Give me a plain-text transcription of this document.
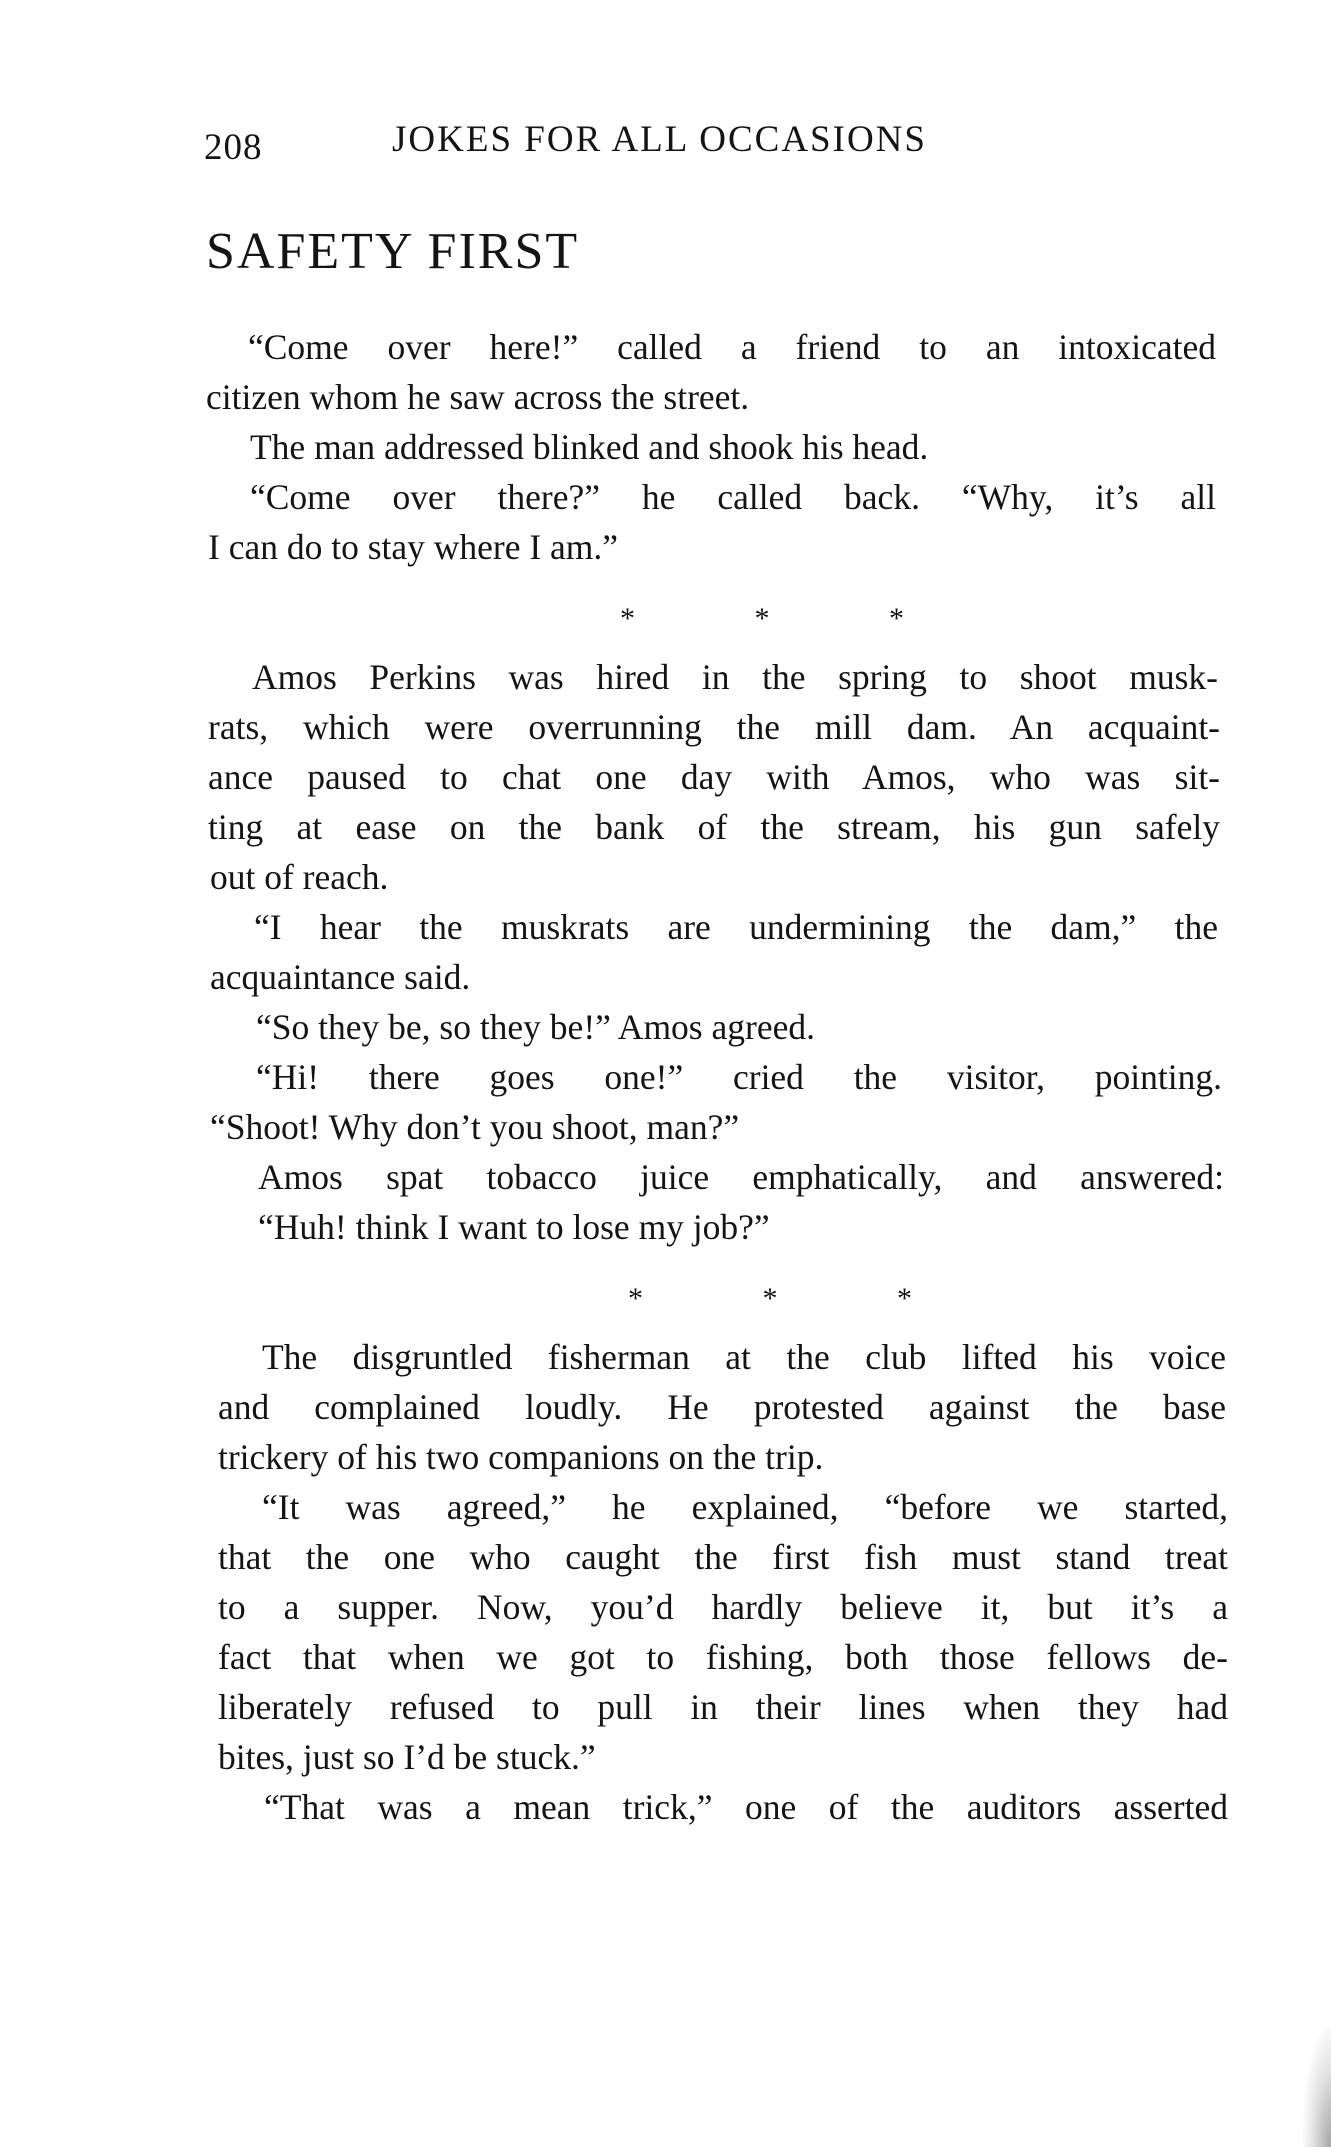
208	JOKES FOR ALL OCCASIONS
SAFETY FIRST
“Come over here!” called a friend to an intoxicated
citizen whom he saw across the street.
The man addressed blinked and shook his head.
“Come over there?” he called back. “Why, it’s all
I can do to stay where I am.”
* * *
Amos Perkins was hired in the spring to shoot musk-
rats, which were overrunning the mill dam. An acquaint-
ance paused to chat one day with Amos, who was sit-
ting at ease on the bank of the stream, his gun safely
out of reach.
“I hear the muskrats are undermining the dam,” the
acquaintance said.
“So they be, so they be!” Amos agreed.
“Hi! there goes one!” cried the visitor, pointing.
“Shoot! Why don’t you shoot, man?”
Amos spat tobacco juice emphatically, and answered:
“Huh! think I want to lose my job?”
* * *
The disgruntled fisherman at the club lifted his voice
and complained loudly. He protested against the base
trickery of his two companions on the trip.
“It was agreed,” he explained, “before we started,
that the one who caught the first fish must stand treat
to a supper. Now, you’d hardly believe it, but it’s a
fact that when we got to fishing, both those fellows de-
liberately refused to pull in their lines when they had
bites, just so I’d be stuck.”
“That was a mean trick,” one of the auditors asserted
